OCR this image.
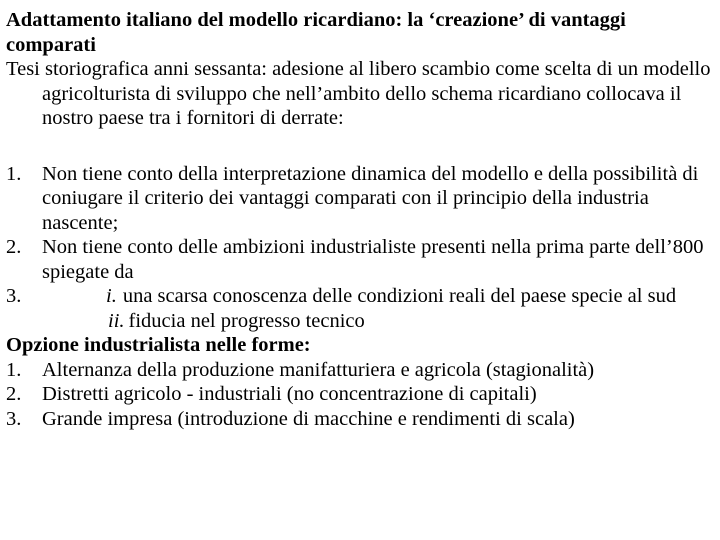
Adattamento italiano del modello ricardiano: la ‘creazione’ di vantaggi comparati

Tesi storiografica anni sessanta: adesione al libero scambio come scelta di un modello agricolturista di sviluppo che nell’ambito dello schema ricardiano collocava il nostro paese tra i fornitori di derrate:

1. Non tiene conto della interpretazione dinamica del modello e della possibilità di coniugare il criterio dei vantaggi comparati con il principio della industria nascente;

2. Non tiene conto delle ambizioni industrialiste presenti nella prima parte dell’800 spiegate da

3.	i. una scarsa conoscenza delle condizioni reali del paese specie al sud
ii. fiducia nel progresso tecnico

Opzione industrialista nelle forme:

1. Alternanza della produzione manifatturiera e agricola (stagionalità)

2. Distretti agricolo - industriali (no concentrazione di capitali)

3. Grande impresa (introduzione di macchine e rendimenti di scala)
